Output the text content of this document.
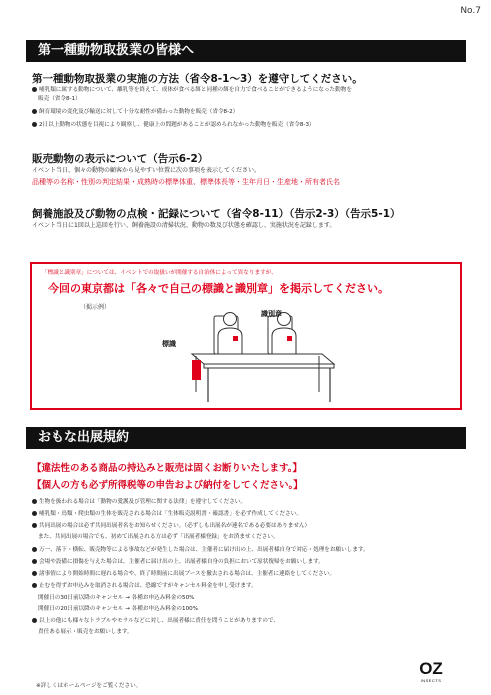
No.7
第一種動物取扱業の皆様へ
第一種動物取扱業の実施の方法（省令8-1～3）を遵守してください。
哺乳類に属する動物について、離乳等を終えて、成体が食べる餌と同種の餌を自力で食べることができるようになった動物を
販売（省令8-1）
飼育環境の変化及び輸送に対して十分な耐性が備わった動物を販売（省令8-2）
2日以上動物の状態を目視により観察し、健康上の問題があることが認められなかった動物を販売（省令8-3）
販売動物の表示について（告示6-2）
イベント当日、個々の動物の顧客から見やすい位置に次の事項を表示してください。
品種等の名称・性別の判定結果・成熟時の標準体重、標準体長等・生年月日・生産地・所有者氏名
飼養施設及び動物の点検・記録について（省令8-11）（告示2-3）（告示5-1）
イベント当日に1回以上巡回を行い、飼養施設の清掃状況、動物の数及び状態を確認し、実施状況を記録します。
「標識と識別章」については、イベントでの取扱いが開催する自治体によって異なりますが、
今回の東京都は「各々で自己の標識と識別章」を掲示してください。
（掲示例）
識別章
標識
おもな出展規約
【違法性のある商品の持込みと販売は固くお断りいたします。】
【個人の方も必ず所得税等の申告および納付をしてください。】
生物を扱われる場合は「動物の愛護及び管理に関する法律」を遵守してください。
哺乳類・鳥類・爬虫類の生体を販売される場合は「生体販売説明書・確認書」を必ず作成してください。
共同出展の場合は必ず共同出展者名をお知らせください。（必ずしも出展名が連名である必要はありません）
また、共同出展の場合でも、初めて出展される方は必ず「出展者様登録」をお済ませください。
万一、落下・横転、販売物等による事故などが発生した場合は、主催者に届け出の上、出展者様自身で対応・処理をお願いします。
会場や設備に損傷を与えた場合は、主催者に届け出の上、出展者様自身の負担において原状復帰をお願いします。
諸事情により開始時間に遅れる場合や、終了時間前に出展ブースを撤去される場合は、主催者に連絡をしてください。
止むを得ずお申込みを取消される場合は、恐縮ですがキャンセル料金を申し受けます。
開催日の30日前以降のキャンセル → 各種お申込み料金の50%
開催日の20日前以降のキャンセル → 各種お申込み料金の100%
以上の他にも様々なトラブルやモラルなどに対し、出展者様に責任を問うことがありますので、
責任ある展示・販売をお願いします。
※詳しくはホームページをご覧ください。
OZ
INSECTS
